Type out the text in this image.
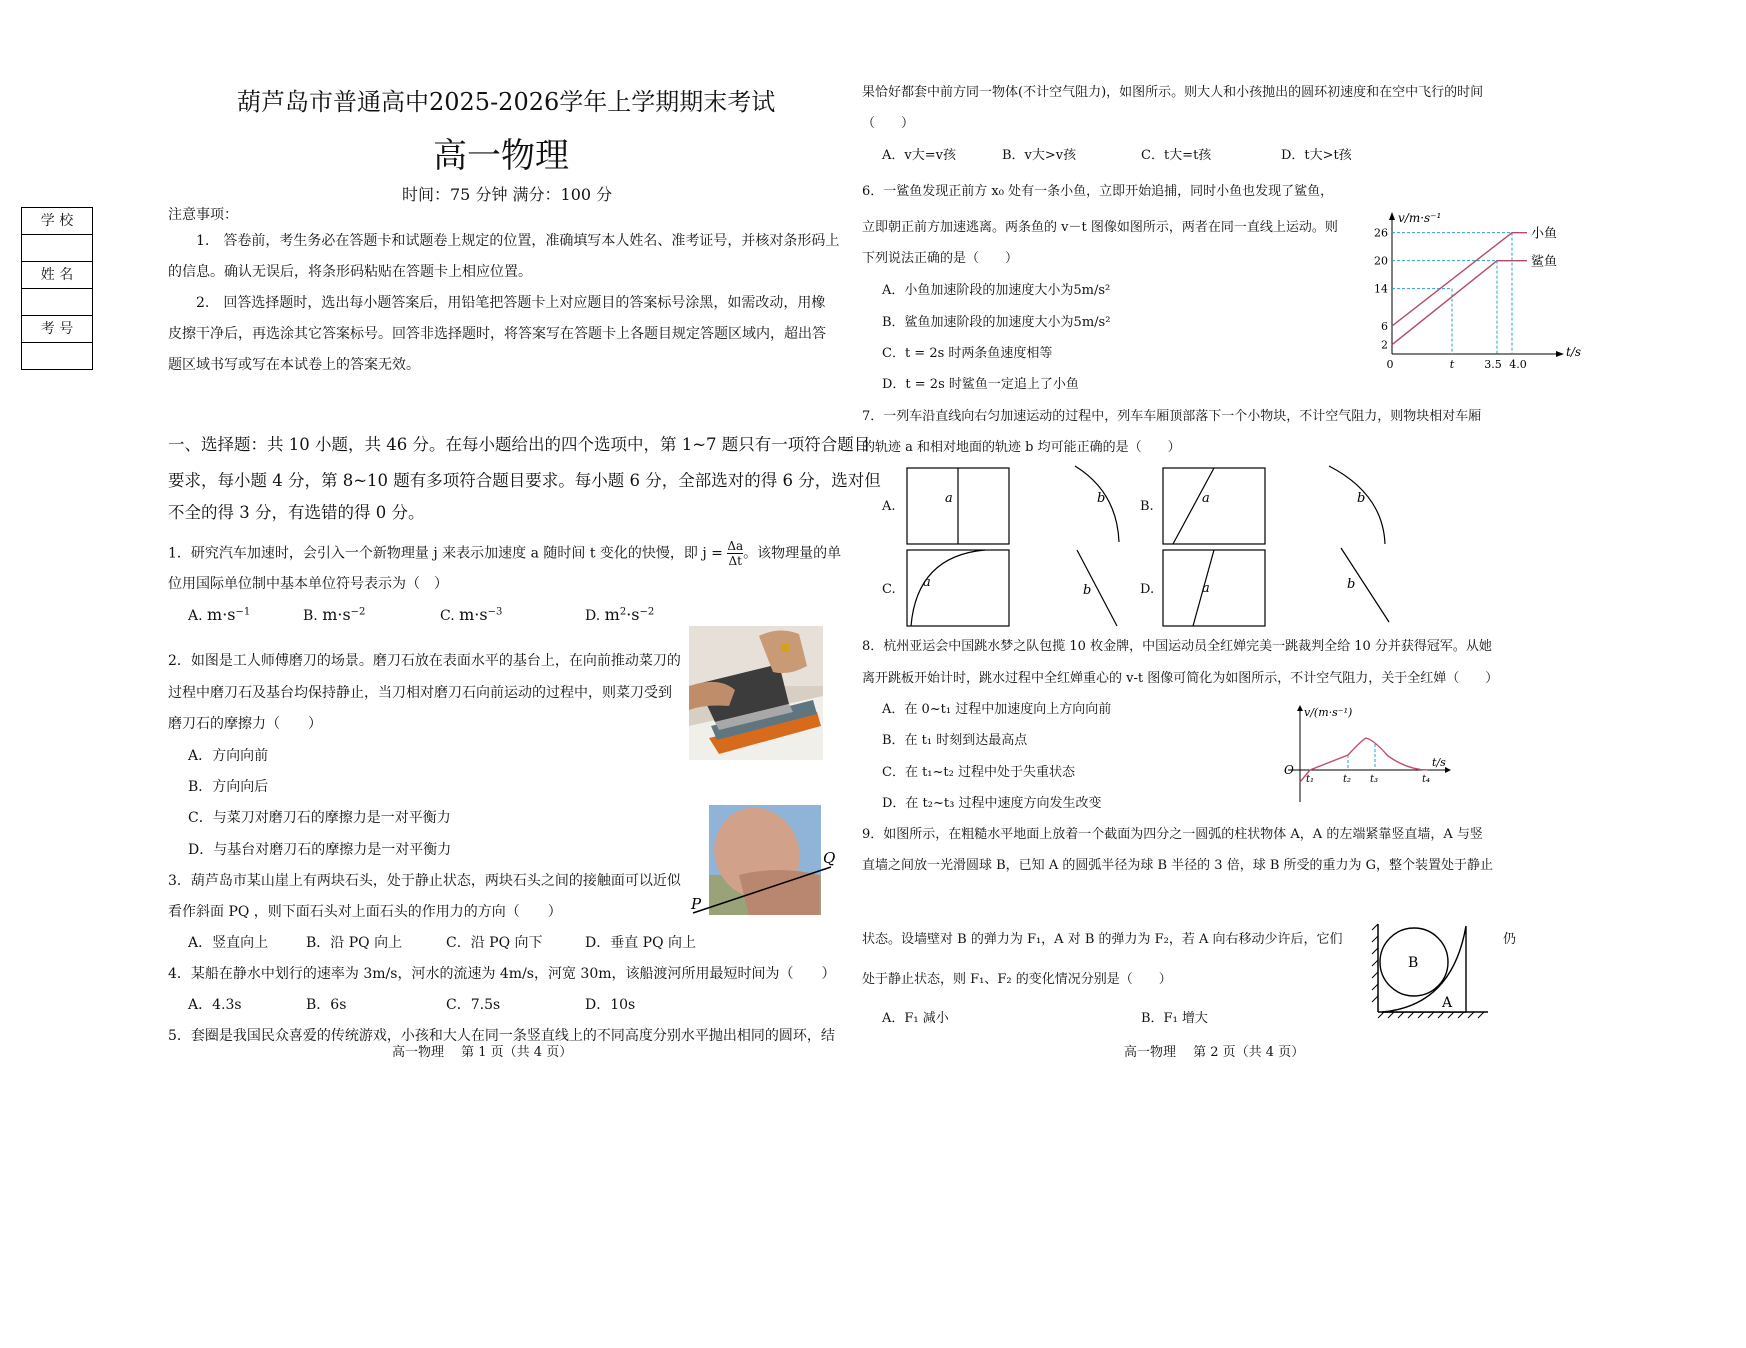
葫芦岛市普通高中2025-2026学年上学期期末考试
高一物理
时间：75 分钟 满分：100 分
学 校
姓 名
考 号
注意事项：
1.　答卷前，考生务必在答题卡和试题卷上规定的位置，准确填写本人姓名、准考证号，并核对条形码上
的信息。确认无误后，将条形码粘贴在答题卡上相应位置。
2.　回答选择题时，选出每小题答案后，用铅笔把答题卡上对应题目的答案标号涂黑，如需改动，用橡
皮擦干净后，再选涂其它答案标号。回答非选择题时，将答案写在答题卡上各题目规定答题区域内，超出答
题区域书写或写在本试卷上的答案无效。
一、选择题：共 10 小题，共 46 分。在每小题给出的四个选项中，第 1~7 题只有一项符合题目
要求，每小题 4 分，第 8~10 题有多项符合题目要求。每小题 6 分，全部选对的得 6 分，选对但
不全的得 3 分，有选错的得 0 分。
1．研究汽车加速时，会引入一个新物理量 j 来表示加速度 a 随时间 t 变化的快慢，即 $j = \frac{\Delta a}{\Delta t}$ 。该物理量的单
位用国际单位制中基本单位符号表示为（　）
A. $m\cdot s^{-1}$	B. $m\cdot s^{-2}$	C. $m\cdot s^{-3}$	D. $m^2\cdot s^{-2}$
2．如图是工人师傅磨刀的场景。磨刀石放在表面水平的基台上，在向前推动菜刀的
过程中磨刀石及基台均保持静止，当刀相对磨刀石向前运动的过程中，则菜刀受到
磨刀石的摩擦力（　　）
A．方向向前
B．方向向后
C．与菜刀对磨刀石的摩擦力是一对平衡力
D．与基台对磨刀石的摩擦力是一对平衡力
P
Q
3．葫芦岛市某山崖上有两块石头，处于静止状态，两块石头之间的接触面可以近似
看作斜面 PQ ，则下面石头对上面石头的作用力的方向（　　）
A．竖直向上	B．沿 PQ 向上	C．沿 PQ 向下	D．垂直 PQ 向上
4．某船在静水中划行的速率为 3m/s，河水的流速为 4m/s，河宽 30m，该船渡河所用最短时间为（　　）
A．4.3s	B．6s	C．7.5s	D．10s
5．套圈是我国民众喜爱的传统游戏，小孩和大人在同一条竖直线上的不同高度分别水平抛出相同的圆环，结
高一物理　 第 1 页（共 4 页）
果恰好都套中前方同一物体(不计空气阻力)，如图所示。则大人和小孩抛出的圆环初速度和在空中飞行的时间
（　　）
A．v大=v孩	B．v大>v孩	C．t大=t孩	D．t大>t孩
6．一鲨鱼发现正前方 x₀ 处有一条小鱼，立即开始追捕，同时小鱼也发现了鲨鱼，
立即朝正前方加速逃离。两条鱼的 v－t 图像如图所示，两者在同一直线上运动。则
下列说法正确的是（　　）
A．小鱼加速阶段的加速度大小为5m/s²
B．鲨鱼加速阶段的加速度大小为5m/s²
C．t = 2s 时两条鱼速度相等
D．t = 2s 时鲨鱼一定追上了小鱼
v/m·s⁻¹
t/s
2
6
14
20
26
0	t	3.5 4.0
小鱼
鲨鱼
7．一列车沿直线向右匀加速运动的过程中，列车车厢顶部落下一个小物块，不计空气阻力，则物块相对车厢
的轨迹 a 和相对地面的轨迹 b 均可能正确的是（　　）
A.	B.
C.	D.
a	b	a	b
a
b	a	b
8．杭州亚运会中国跳水梦之队包揽 10 枚金牌，中国运动员全红婵完美一跳裁判全给 10 分并获得冠军。从她
离开跳板开始计时，跳水过程中全红婵重心的 v-t 图像可简化为如图所示，不计空气阻力，关于全红婵（　　）
A．在 0~t₁ 过程中加速度向上方向向前
B．在 t₁ 时刻到达最高点
C．在 t₁~t₂ 过程中处于失重状态
D．在 t₂~t₃ 过程中速度方向发生改变
v/(m·s⁻¹)
t/s
O
t₁	t₂ t₃	t₄
9．如图所示，在粗糙水平地面上放着一个截面为四分之一圆弧的柱状物体 A，A 的左端紧靠竖直墙，A 与竖
直墙之间放一光滑圆球 B，已知 A 的圆弧半径为球 B 半径的 3 倍，球 B 所受的重力为 G，整个装置处于静止
状态。设墙壁对 B 的弹力为 F₁，A 对 B 的弹力为 F₂，若 A 向右移动少许后，它们	仍
处于静止状态，则 F₁、F₂ 的变化情况分别是（　　）
A．F₁ 减小	B．F₁ 增大
B
A
高一物理　 第 2 页（共 4 页）
